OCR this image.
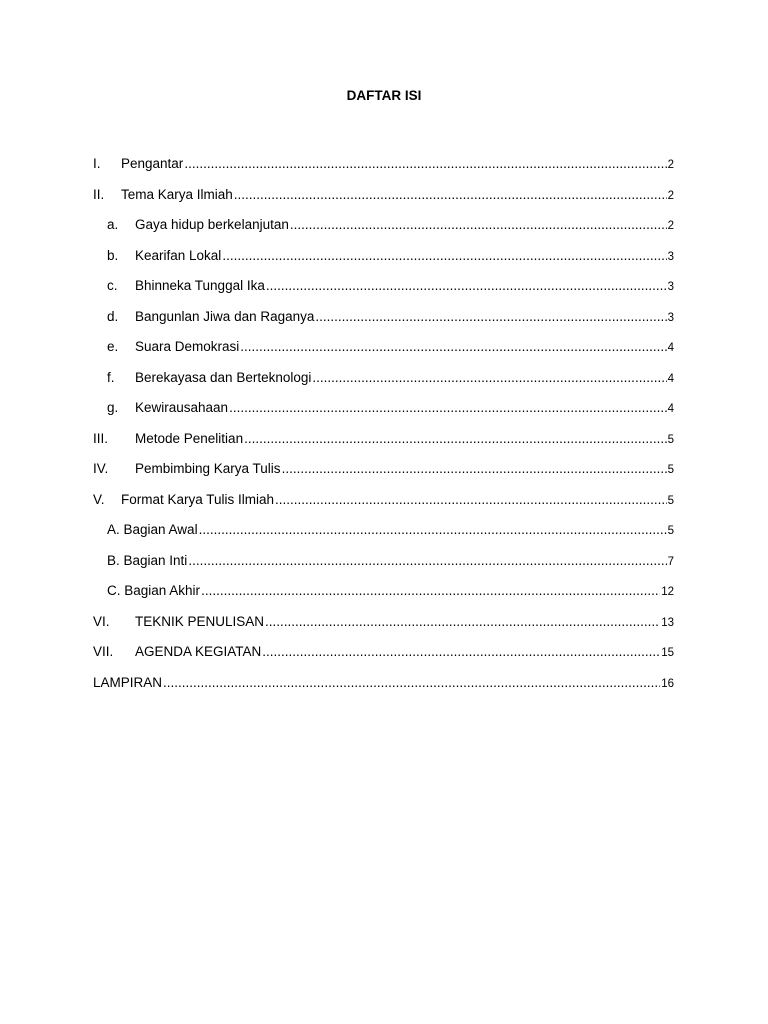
DAFTAR ISI
I. Pengantar .....	2
II. Tema Karya Ilmiah .....	2
a. Gaya hidup berkelanjutan .....	2
b. Kearifan Lokal .....	3
c. Bhinneka Tunggal Ika .....	3
d. Bangunlan Jiwa dan Raganya .....	3
e. Suara Demokrasi .....	4
f. Berekayasa dan Berteknologi .....	4
g. Kewirausahaan .....	4
III. Metode Penelitian .....	5
IV. Pembimbing Karya Tulis .....	5
V. Format Karya Tulis Ilmiah .....	5
A. Bagian Awal .....	5
B. Bagian Inti .....	7
C. Bagian Akhir .....	12
VI. TEKNIK PENULISAN .....	13
VII. AGENDA KEGIATAN .....	15
LAMPIRAN .....	16
